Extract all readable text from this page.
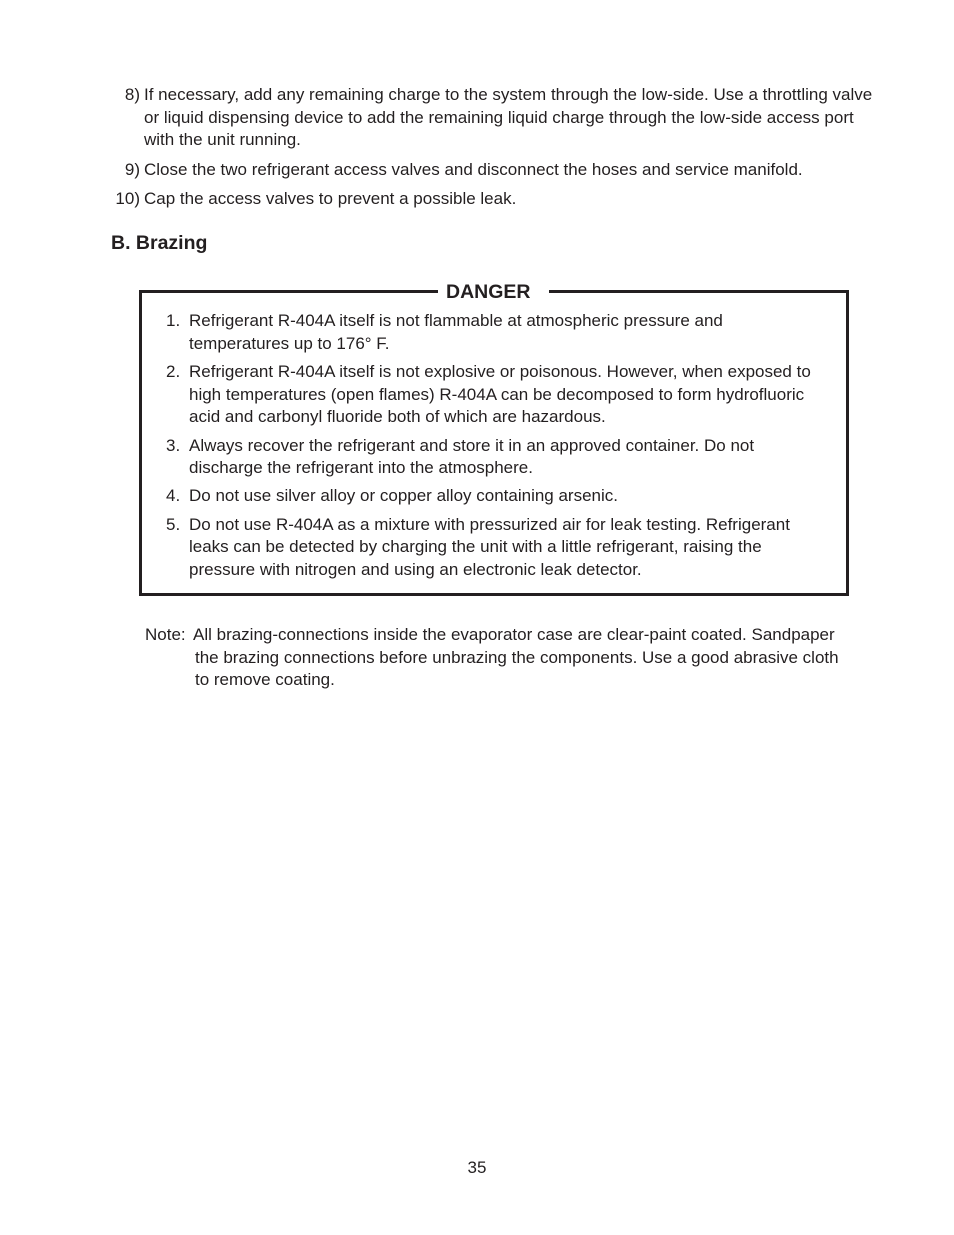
8) If necessary, add any remaining charge to the system through the low-side. Use a throttling valve or liquid dispensing device to add the remaining liquid charge through the low-side access port with the unit running.
9) Close the two refrigerant access valves and disconnect the hoses and service manifold.
10) Cap the access valves to prevent a possible leak.
B. Brazing
DANGER
1. Refrigerant R-404A itself is not flammable at atmospheric pressure and temperatures up to 176° F.
2. Refrigerant R-404A itself is not explosive or poisonous. However, when exposed to high temperatures (open flames) R-404A can be decomposed to form hydrofluoric acid and carbonyl fluoride both of which are hazardous.
3. Always recover the refrigerant and store it in an approved container. Do not discharge the refrigerant into the atmosphere.
4. Do not use silver alloy or copper alloy containing arsenic.
5. Do not use R-404A as a mixture with pressurized air for leak testing. Refrigerant leaks can be detected by charging the unit with a little refrigerant, raising the pressure with nitrogen and using an electronic leak detector.
Note: All brazing-connections inside the evaporator case are clear-paint coated. Sandpaper the brazing connections before unbrazing the components. Use a good abrasive cloth to remove coating.
35
